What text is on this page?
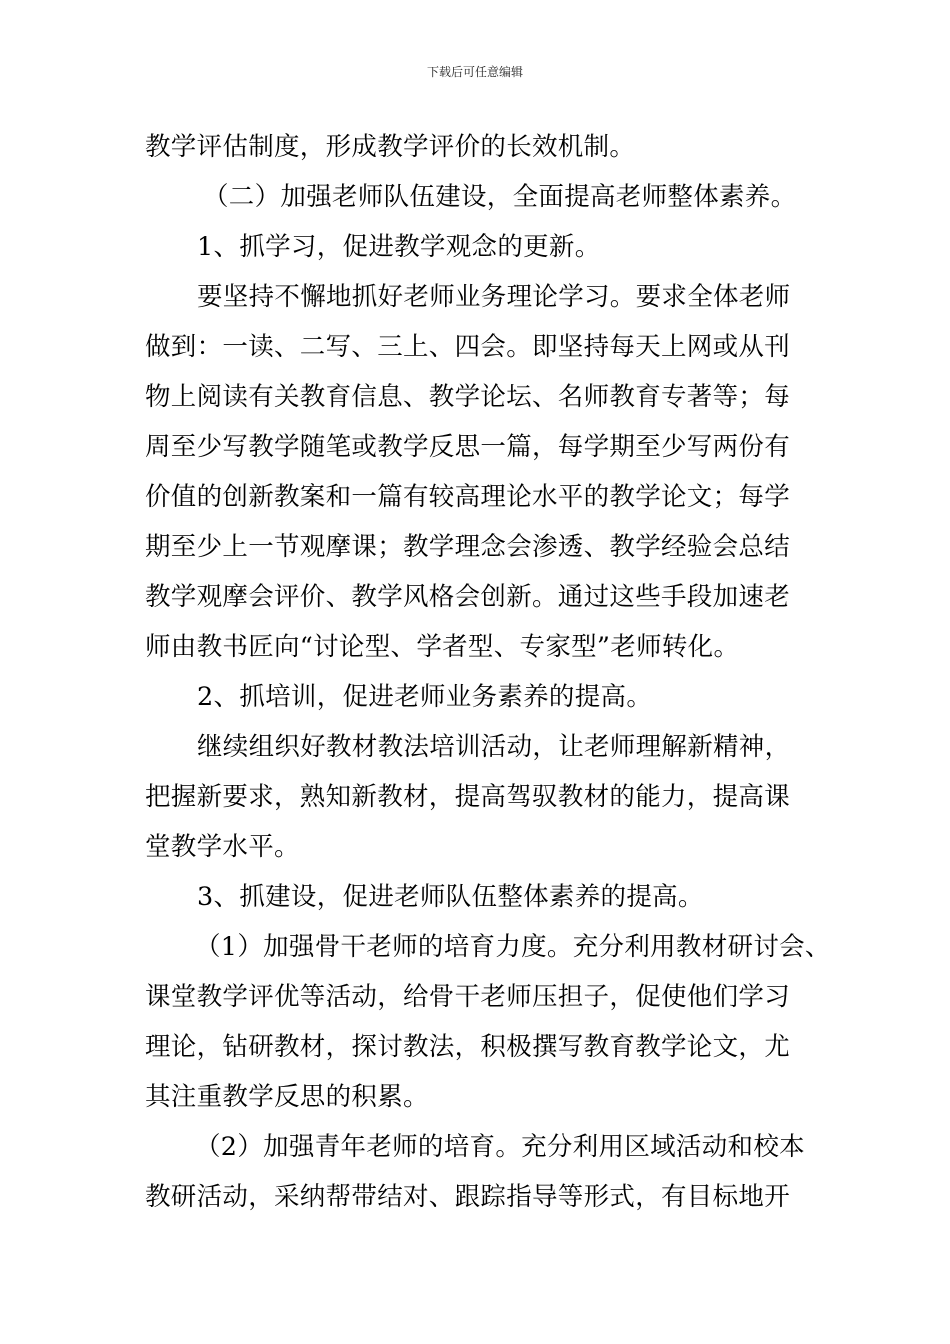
下载后可任意编辑
教学评估制度，形成教学评价的长效机制。
（二）加强老师队伍建设，全面提高老师整体素养。
1、抓学习，促进教学观念的更新。
要坚持不懈地抓好老师业务理论学习。要求全体老师
做到：一读、二写、三上、四会。即坚持每天上网或从刊
物上阅读有关教育信息、教学论坛、名师教育专著等；每
周至少写教学随笔或教学反思一篇，每学期至少写两份有
价值的创新教案和一篇有较高理论水平的教学论文；每学
期至少上一节观摩课；教学理念会渗透、教学经验会总结
教学观摩会评价、教学风格会创新。通过这些手段加速老
师由教书匠向“讨论型、学者型、专家型”老师转化。
2、抓培训，促进老师业务素养的提高。
继续组织好教材教法培训活动，让老师理解新精神，
把握新要求，熟知新教材，提高驾驭教材的能力，提高课
堂教学水平。
3、抓建设，促进老师队伍整体素养的提高。
（1）加强骨干老师的培育力度。充分利用教材研讨会、
课堂教学评优等活动，给骨干老师压担子，促使他们学习
理论，钻研教材，探讨教法，积极撰写教育教学论文，尤
其注重教学反思的积累。
（2）加强青年老师的培育。充分利用区域活动和校本
教研活动，采纳帮带结对、跟踪指导等形式，有目标地开
